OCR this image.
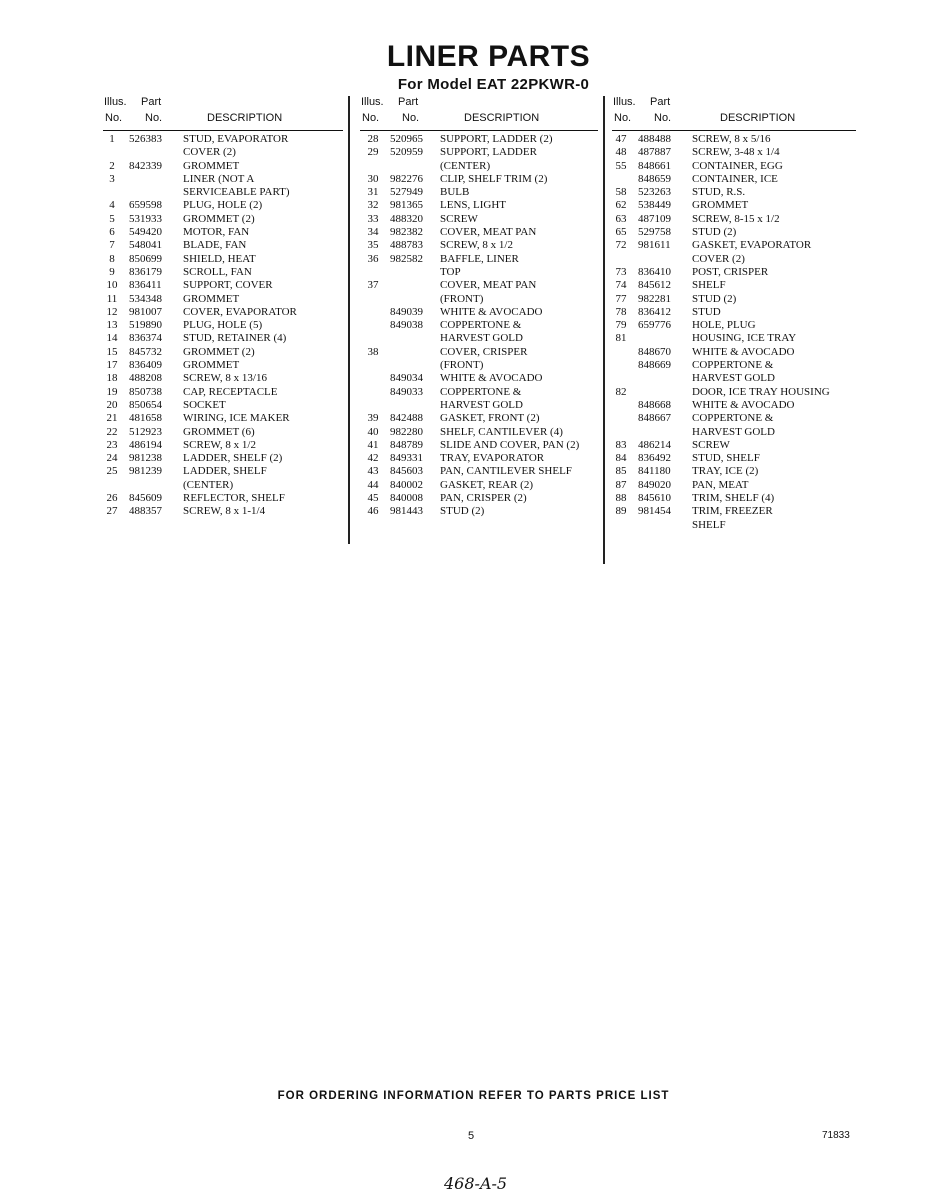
LINER PARTS
For Model EAT 22PKWR-0
Illus. Part
No. No.	DESCRIPTION
1	526383 STUD, EVAPORATOR
COVER (2)
2	842339 GROMMET
3	LINER (NOT A
SERVICEABLE PART)
4	659598 PLUG, HOLE (2)
5	531933 GROMMET (2)
6	549420 MOTOR, FAN
7	548041 BLADE, FAN
8	850699 SHIELD, HEAT
9	836179 SCROLL, FAN
10	836411 SUPPORT, COVER
11	534348 GROMMET
12	981007 COVER, EVAPORATOR
13	519890 PLUG, HOLE (5)
14	836374 STUD, RETAINER (4)
15	845732 GROMMET (2)
17	836409 GROMMET
18	488208 SCREW, 8 x 13/16
19	850738 CAP, RECEPTACLE
20	850654 SOCKET
21	481658 WIRING, ICE MAKER
22	512923 GROMMET (6)
23	486194 SCREW, 8 x 1/2
24	981238 LADDER, SHELF (2)
25	981239 LADDER, SHELF
(CENTER)
26	845609 REFLECTOR, SHELF
27	488357 SCREW, 8 x 1-1/4
Illus. Part
No. No.	DESCRIPTION
28	520965 SUPPORT, LADDER (2)
29	520959 SUPPORT, LADDER
(CENTER)
30	982276 CLIP, SHELF TRIM (2)
31	527949 BULB
32	981365 LENS, LIGHT
33	488320 SCREW
34	982382 COVER, MEAT PAN
35	488783 SCREW, 8 x 1/2
36	982582 BAFFLE, LINER
TOP
37	COVER, MEAT PAN
(FRONT)
849039 WHITE & AVOCADO
849038 COPPERTONE &
HARVEST GOLD
38	COVER, CRISPER
(FRONT)
849034 WHITE & AVOCADO
849033 COPPERTONE &
HARVEST GOLD
39	842488 GASKET, FRONT (2)
40	982280 SHELF, CANTILEVER (4)
41	848789 SLIDE AND COVER, PAN (2)
42	849331 TRAY, EVAPORATOR
43	845603 PAN, CANTILEVER SHELF
44	840002 GASKET, REAR (2)
45	840008 PAN, CRISPER (2)
46	981443 STUD (2)
Illus. Part
No. No.	DESCRIPTION
47	488488 SCREW, 8 x 5/16
48	487887 SCREW, 3-48 x 1/4
55	848661 CONTAINER, EGG
848659 CONTAINER, ICE
58	523263 STUD, R.S.
62	538449 GROMMET
63	487109 SCREW, 8-15 x 1/2
65	529758 STUD (2)
72	981611 GASKET, EVAPORATOR
COVER (2)
73	836410 POST, CRISPER
74	845612 SHELF
77	982281 STUD (2)
78	836412 STUD
79	659776 HOLE, PLUG
81	HOUSING, ICE TRAY
848670 WHITE & AVOCADO
848669 COPPERTONE &
HARVEST GOLD
82	DOOR, ICE TRAY HOUSING
848668 WHITE & AVOCADO
848667 COPPERTONE &
HARVEST GOLD
83	486214 SCREW
84	836492 STUD, SHELF
85	841180 TRAY, ICE (2)
87	849020 PAN, MEAT
88	845610 TRIM, SHELF (4)
89	981454 TRIM, FREEZER
SHELF
FOR ORDERING INFORMATION REFER TO PARTS PRICE LIST
5	71833
468-A-5
